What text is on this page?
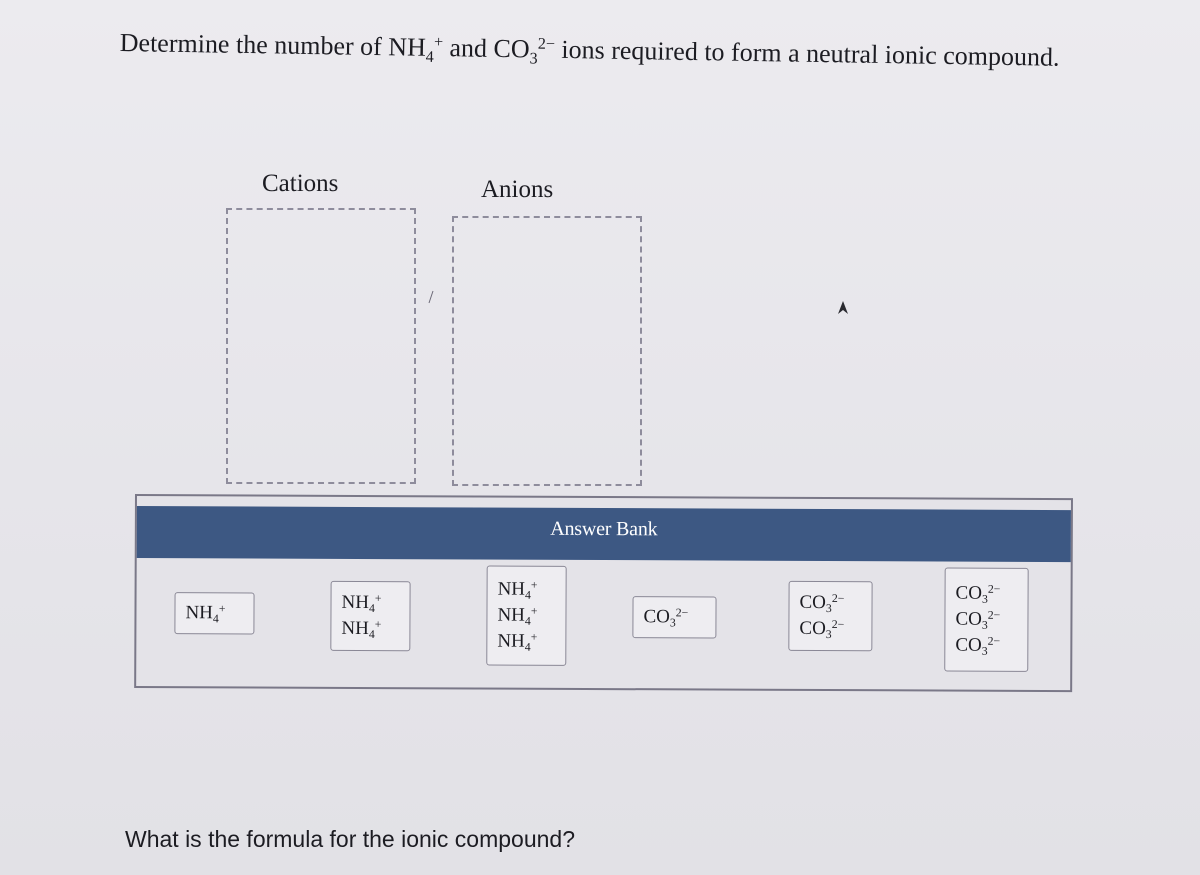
Determine the number of $NH_4^+$ and $CO_3^{2-}$ ions required to form a neutral ionic compound.
Cations	Anions
Answer Bank
$NH_4^+$	$NH_4^+$
$NH_4^+$
$NH_4^+$
$NH_4^+$
$NH_4^+$
$CO_3^{2-}$	$CO_3^{2-}$
$CO_3^{2-}$
$CO_3^{2-}$
$CO_3^{2-}$
$CO_3^{2-}$
What is the formula for the ionic compound?
